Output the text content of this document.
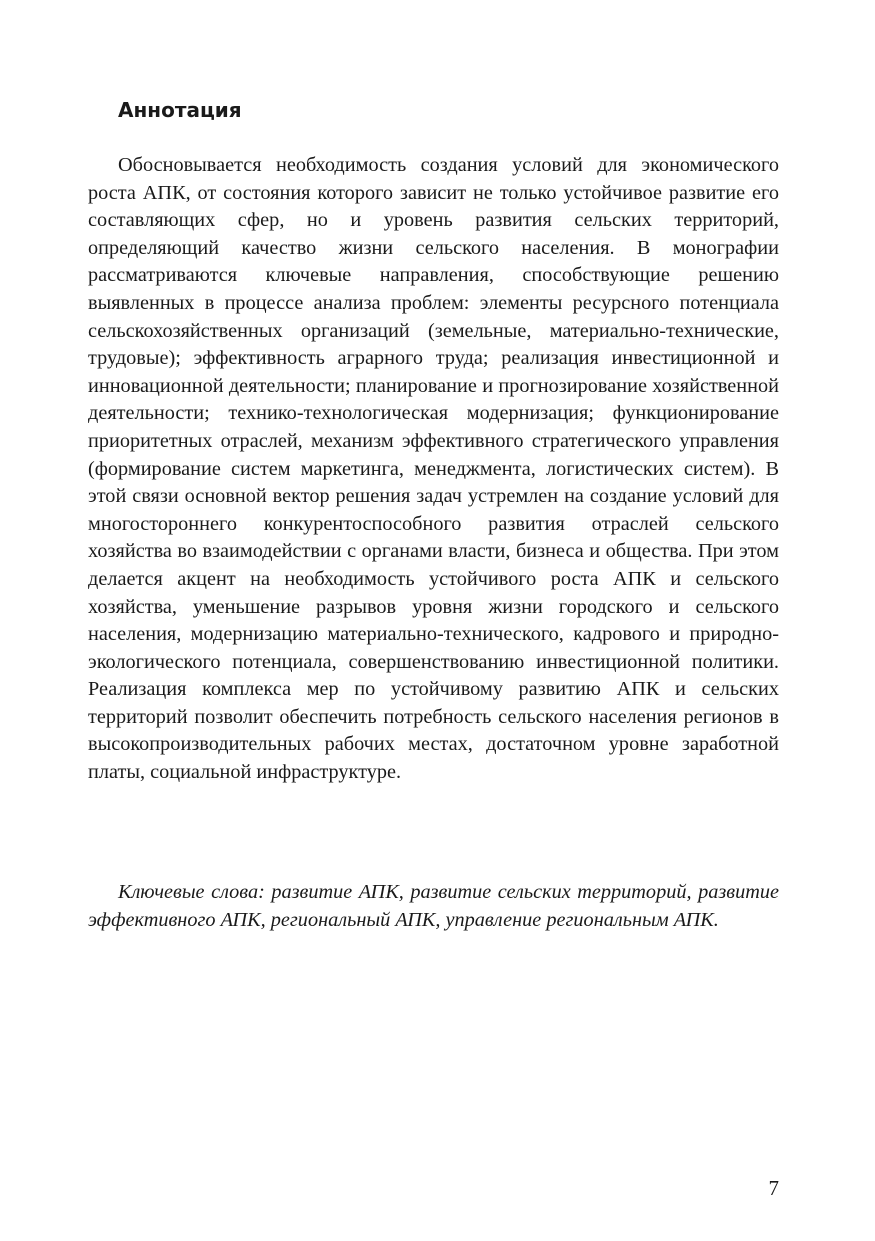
Аннотация

Обосновывается необходимость создания условий для экономического роста АПК, от состояния которого зависит не только устойчивое развитие его составляющих сфер, но и уровень развития сельских территорий, определяющий качество жизни сельского населения. В монографии рассматриваются ключевые направления, способствующие решению выявленных в процессе анализа проблем: элементы ресурсного потенциала сельскохозяйственных организаций (земельные, материально-технические, трудовые); эффективность аграрного труда; реализация инвестиционной и инновационной деятельности; планирование и прогнозирование хозяйственной деятельности; технико-технологическая модернизация; функционирование приоритетных отраслей, механизм эффективного стратегического управления (формирование систем маркетинга, менеджмента, логистических систем). В этой связи основной вектор решения задач устремлен на создание условий для многостороннего конкурентоспособного развития отраслей сельского хозяйства во взаимодействии с органами власти, бизнеса и общества. При этом делается акцент на необходимость устойчивого роста АПК и сельского хозяйства, уменьшение разрывов уровня жизни городского и сельского населения, модернизацию материально-технического, кадрового и природно-экологического потенциала, совершенствованию инвестиционной политики. Реализация комплекса мер по устойчивому развитию АПК и сельских территорий позволит обеспечить потребность сельского населения регионов в высокопроизводительных рабочих местах, достаточном уровне заработной платы, социальной инфраструктуре.

Ключевые слова: развитие АПК, развитие сельских территорий, развитие эффективного АПК, региональный АПК, управление региональным АПК.

7
